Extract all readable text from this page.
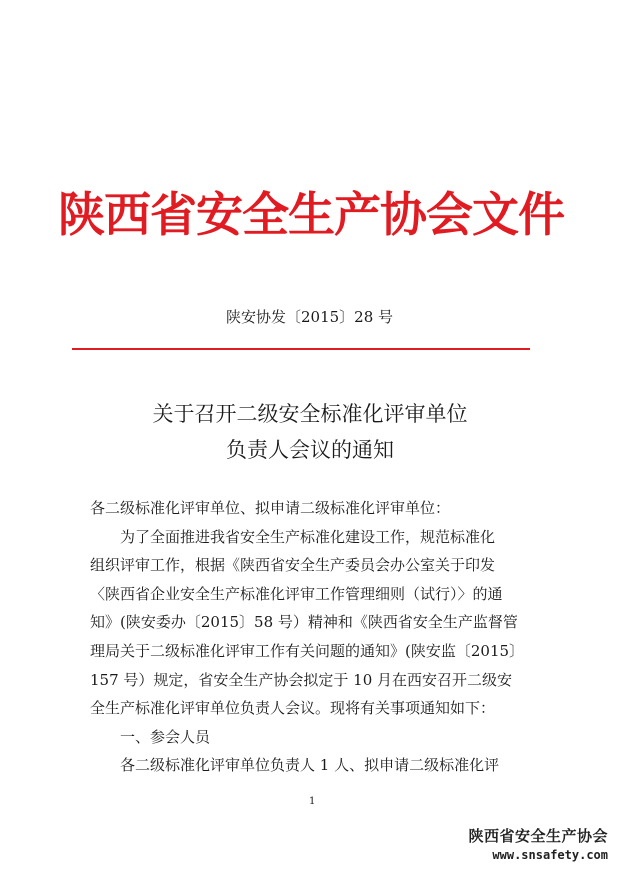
陕西省安全生产协会文件
陕安协发〔2015〕28 号
关于召开二级安全标准化评审单位
负责人会议的通知
各二级标准化评审单位、拟申请二级标准化评审单位：
为了全面推进我省安全生产标准化建设工作，规范标准化
组织评审工作，根据《陕西省安全生产委员会办公室关于印发
〈陕西省企业安全生产标准化评审工作管理细则（试行）〉的通
知》(陕安委办〔2015〕58 号）精神和《陕西省安全生产监督管
理局关于二级标准化评审工作有关问题的通知》(陕安监〔2015〕
157 号）规定，省安全生产协会拟定于 10 月在西安召开二级安
全生产标准化评审单位负责人会议。现将有关事项通知如下：
一、参会人员
各二级标准化评审单位负责人 1 人、拟申请二级标准化评
1
陕西省安全生产协会
www.snsafety.com
